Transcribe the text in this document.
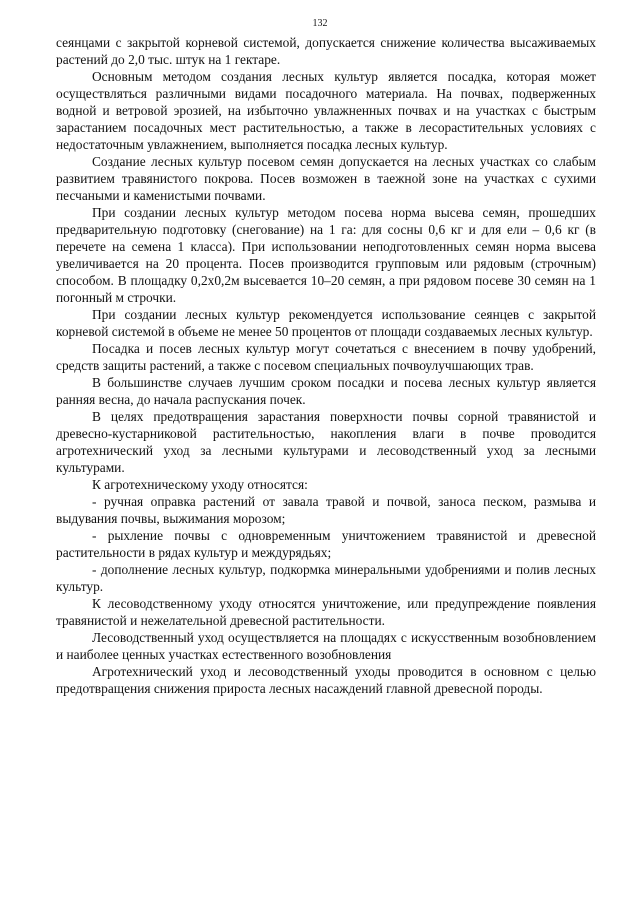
132

сеянцами с закрытой корневой системой, допускается снижение количества высаживаемых растений до 2,0 тыс. штук на 1 гектаре.

Основным методом создания лесных культур является посадка, которая может осуществляться различными видами посадочного материала. На почвах, подверженных водной и ветровой эрозией, на избыточно увлажненных почвах и на участках с быстрым зарастанием посадочных мест растительностью, а также в лесорастительных условиях с недостаточным увлажнением, выполняется посадка лесных культур.

Создание лесных культур посевом семян допускается на лесных участках со слабым развитием травянистого покрова. Посев возможен в таежной зоне на участках с сухими песчаными и каменистыми почвами.

При создании лесных культур методом посева норма высева семян, прошедших предварительную подготовку (снегование) на 1 га: для сосны 0,6 кг и для ели – 0,6 кг (в перечете на семена 1 класса). При использовании неподготовленных семян норма высева увеличивается на 20 процента. Посев производится групповым или рядовым (строчным) способом. В площадку 0,2х0,2м высевается 10–20 семян, а при рядовом посеве 30 семян на 1 погонный м строчки.

При создании лесных культур рекомендуется использование сеянцев с закрытой корневой системой в объеме не менее 50 процентов от площади создаваемых лесных культур.

Посадка и посев лесных культур могут сочетаться с внесением в почву удобрений, средств защиты растений, а также с посевом специальных почвоулучшающих трав.

В большинстве случаев лучшим сроком посадки и посева лесных культур является ранняя весна, до начала распускания почек.

В целях предотвращения зарастания поверхности почвы сорной травянистой и древесно-кустарниковой растительностью, накопления влаги в почве проводится агротехнический уход за лесными культурами и лесоводственный уход за лесными культурами.

К агротехническому уходу относятся:

- ручная оправка растений от завала травой и почвой, заноса песком, размыва и выдувания почвы, выжимания морозом;

- рыхление почвы с одновременным уничтожением травянистой и древесной растительности в рядах культур и междурядьях;

- дополнение лесных культур, подкормка минеральными удобрениями и полив лесных культур.

К лесоводственному уходу относятся уничтожение, или предупреждение появления травянистой и нежелательной древесной растительности.

Лесоводственный уход осуществляется на площадях с искусственным возобновлением и наиболее ценных участках естественного возобновления

Агротехнический уход и лесоводственный уходы проводится в основном с целью предотвращения снижения прироста лесных насаждений главной древесной породы.
